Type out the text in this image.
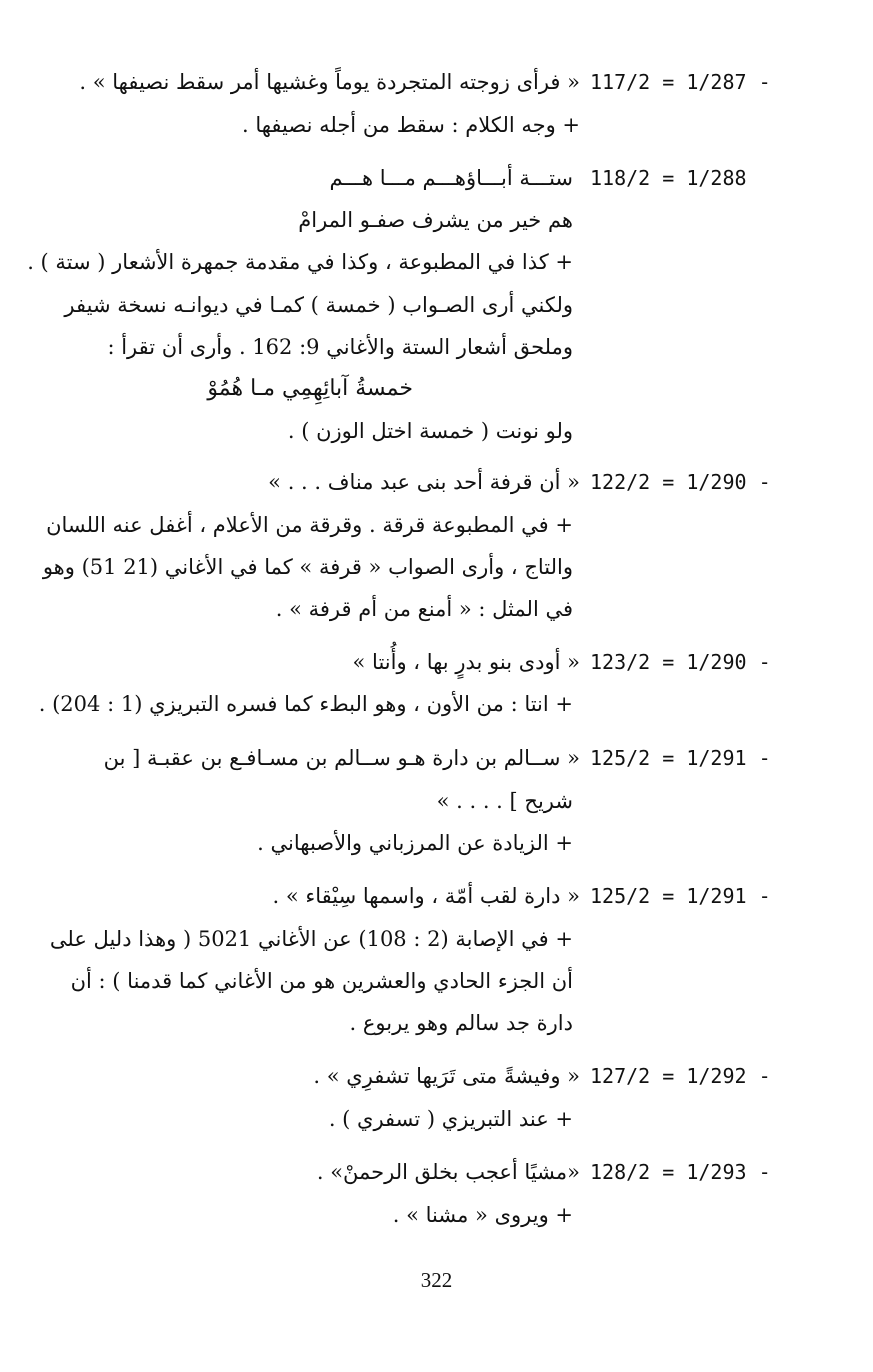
117/2 = 1/287 -
« فرأى زوجته المتجردة يوماً وغشيها أمر سقط نصيفها » .
+ وجه الكلام : سقط من أجله نصيفها .
118/2 = 1/288
ستـــة أبـــاؤهـــم مـــا هـــم
هم خير من يشرف صفـو المرامْ
+ كذا في المطبوعة ، وكذا في مقدمة جمهرة الأشعار ( ستة ) .
ولكني أرى الصـواب ( خمسة ) كمـا في ديوانـه نسخة شيفر
وملحق أشعار الستة والأغاني 9: 162 . وأرى أن تقرأ :
خمسةُ آبائِهِمِي مـا هُمُوْ
ولو نونت ( خمسة اختل الوزن ) .
122/2 = 1/290 -
« أن قرفة أحد بنى عبد مناف . . . »
+ في المطبوعة قرقة . وقرقة من الأعلام ، أغفل عنه اللسان
والتاج ، وأرى الصواب « قرفة » كما في الأغاني (21 51) وهو
في المثل : « أمنع من أم قرفة » .
123/2 = 1/290 -
« أودى بنو بدرٍ بها ، وأُنتا »
+ انتا : من الأون ، وهو البطء كما فسره التبريزي (1 : 204) .
125/2 = 1/291 -
« ســالم بن دارة هـو ســالم بن مسـافـع بن عقبـة [ بن
شريح ] . . . . »
+ الزيادة عن المرزباني والأصبهاني .
125/2 = 1/291 -
« دارة لقب أمّة ، واسمها سِيْقاء » .
+ في الإصابة (2 : 108) عن الأغاني 5021 ( وهذا دليل على
أن الجزء الحادي والعشرين هو من الأغاني كما قدمنا ) : أن
دارة جد سالم وهو يربوع .
127/2 = 1/292 -
« وفيشةً متى تَرَيها تشفرِي » .
+ عند التبريزي ( تسفري ) .
128/2 = 1/293 -
«مشيًا أعجب بخلق الرحمنْ» .
+ ويروى « مشنا » .
322
